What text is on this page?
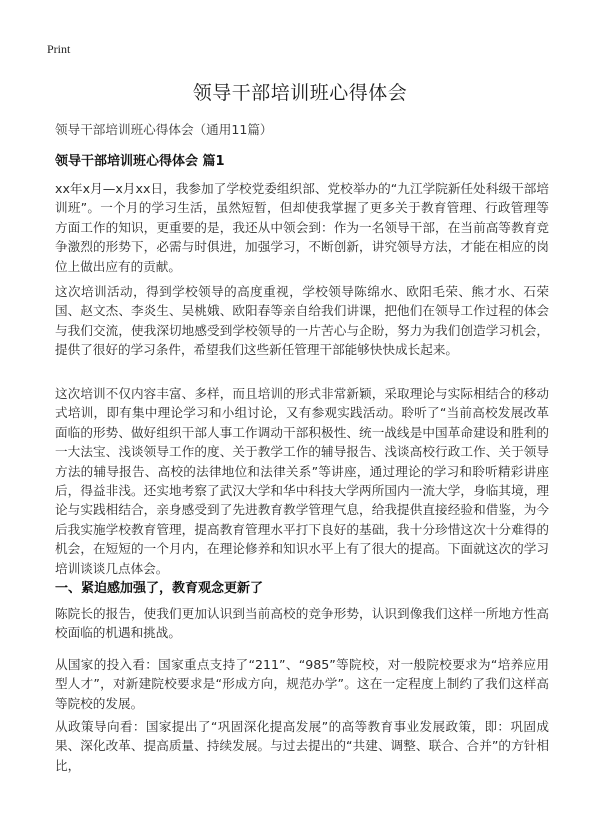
Print
领导干部培训班心得体会

领导干部培训班心得体会（通用11篇）

领导干部培训班心得体会 篇1

xx年x月—x月xx日，我参加了学校党委组织部、党校举办的“九江学院新任处科级干部培训班”。一个月的学习生活，虽然短暂，但却使我掌握了更多关于教育管理、行政管理等方面工作的知识，更重要的是，我还从中领会到：作为一名领导干部，在当前高等教育竞争激烈的形势下，必需与时俱进，加强学习，不断创新，讲究领导方法，才能在相应的岗位上做出应有的贡献。

这次培训活动，得到学校领导的高度重视，学校领导陈绵水、欧阳毛荣、熊才水、石荣国、赵文杰、李炎生、吴桃娥、欧阳春等亲自给我们讲课，把他们在领导工作过程的体会与我们交流，使我深切地感受到学校领导的一片苦心与企盼，努力为我们创造学习机会，提供了很好的学习条件，希望我们这些新任管理干部能够快快成长起来。

这次培训不仅内容丰富、多样，而且培训的形式非常新颖，采取理论与实际相结合的移动式培训，即有集中理论学习和小组讨论，又有参观实践活动。聆听了“当前高校发展改革面临的形势、做好组织干部人事工作调动干部积极性、统一战线是中国革命建设和胜利的一大法宝、浅谈领导工作的度、关于教学工作的辅导报告、浅谈高校行政工作、关于领导方法的辅导报告、高校的法律地位和法律关系”等讲座，通过理论的学习和聆听精彩讲座后，得益非浅。还实地考察了武汉大学和华中科技大学两所国内一流大学，身临其境，理论与实践相结合，亲身感受到了先进教育教学管理气息，给我提供直接经验和借鉴，为今后我实施学校教育管理，提高教育管理水平打下良好的基础，我十分珍惜这次十分难得的机会，在短短的一个月内，在理论修养和知识水平上有了很大的提高。下面就这次的学习培训谈谈几点体会。

一、紧迫感加强了，教育观念更新了

陈院长的报告，使我们更加认识到当前高校的竞争形势，认识到像我们这样一所地方性高校面临的机遇和挑战。

从国家的投入看：国家重点支持了“211”、“985”等院校，对一般院校要求为“培养应用型人才”，对新建院校要求是“形成方向，规范办学”。这在一定程度上制约了我们这样高等院校的发展。

从政策导向看：国家提出了“巩固深化提高发展”的高等教育事业发展政策，即：巩固成果、深化改革、提高质量、持续发展。与过去提出的“共建、调整、联合、合并”的方针相比，
